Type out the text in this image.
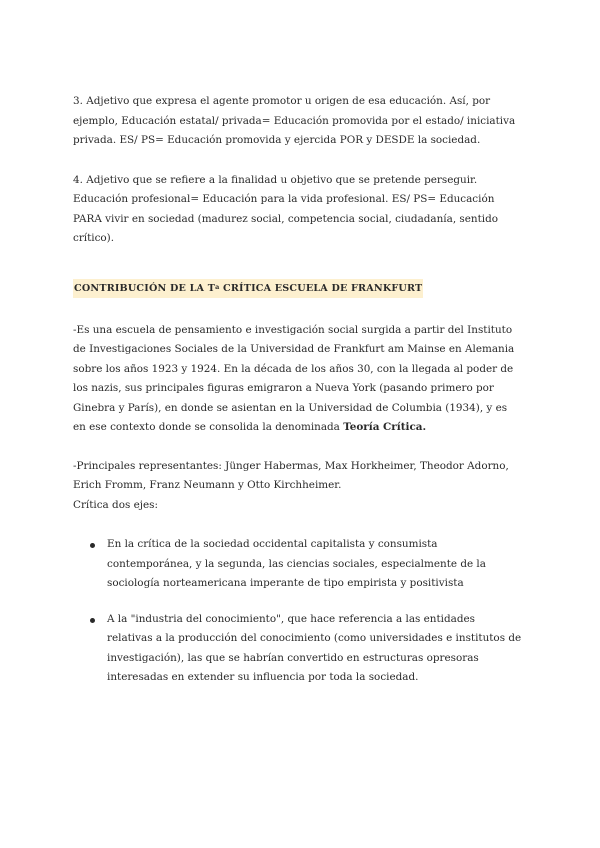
3. Adjetivo que expresa el agente promotor u origen de esa educación. Así, por ejemplo, Educación estatal/ privada= Educación promovida por el estado/ iniciativa privada. ES/ PS= Educación promovida y ejercida POR y DESDE la sociedad.

4. Adjetivo que se refiere a la finalidad u objetivo que se pretende perseguir. Educación profesional= Educación para la vida profesional. ES/ PS= Educación PARA vivir en sociedad (madurez social, competencia social, ciudadanía, sentido crítico).

CONTRIBUCIÓN DE LA $T^a$ CRÍTICA ESCUELA DE FRANKFURT

-Es una escuela de pensamiento e investigación social surgida a partir del Instituto de Investigaciones Sociales de la Universidad de Frankfurt am Mainse en Alemania sobre los años 1923 y 1924. En la década de los años 30, con la llegada al poder de los nazis, sus principales figuras emigraron a Nueva York (pasando primero por Ginebra y París), en donde se asientan en la Universidad de Columbia (1934), y es en ese contexto donde se consolida la denominada Teoría Crítica.

-Principales representantes: Jünger Habermas, Max Horkheimer, Theodor Adorno, Erich Fromm, Franz Neumann y Otto Kirchheimer.
Crítica dos ejes:

En la crítica de la sociedad occidental capitalista y consumista contemporánea, y la segunda, las ciencias sociales, especialmente de la sociología norteamericana imperante de tipo empirista y positivista
A la "industria del conocimiento", que hace referencia a las entidades relativas a la producción del conocimiento (como universidades e institutos de investigación), las que se habrían convertido en estructuras opresoras interesadas en extender su influencia por toda la sociedad.
